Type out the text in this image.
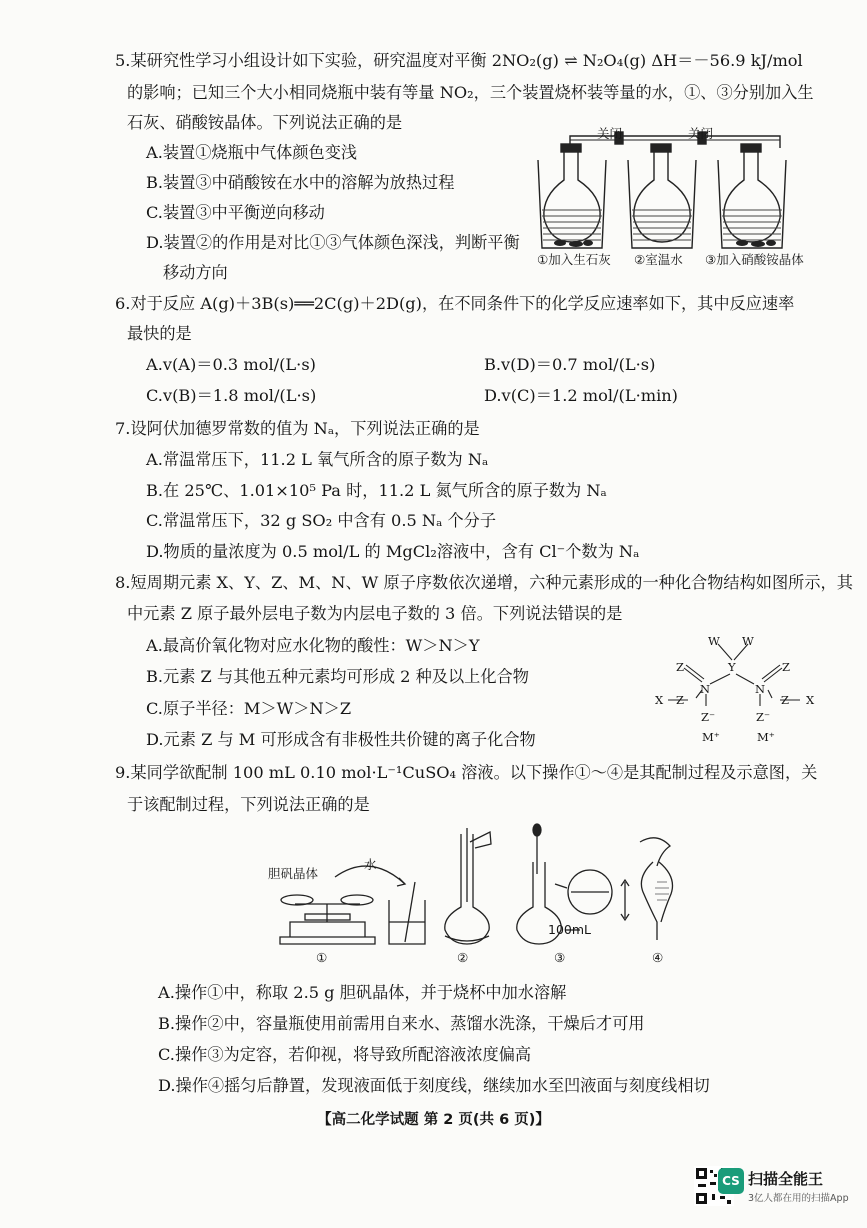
5.某研究性学习小组设计如下实验，研究温度对平衡 2NO₂(g) ⇌ N₂O₄(g) ΔH＝－56.9 kJ/mol
的影响；已知三个大小相同烧瓶中装有等量 NO₂，三个装置烧杯装等量的水，①、③分别加入生
石灰、硝酸铵晶体。下列说法正确的是
A.装置①烧瓶中气体颜色变浅
B.装置③中硝酸铵在水中的溶解为放热过程
C.装置③中平衡逆向移动
D.装置②的作用是对比①③气体颜色深浅，判断平衡
移动方向
关闭	关闭
①加入生石灰 ②室温水 ③加入硝酸铵晶体
6.对于反应 A(g)＋3B(s)══2C(g)＋2D(g)，在不同条件下的化学反应速率如下，其中反应速率
最快的是
A.v(A)＝0.3 mol/(L·s)	B.v(D)＝0.7 mol/(L·s)
C.v(B)＝1.8 mol/(L·s)	D.v(C)＝1.2 mol/(L·min)
7.设阿伏加德罗常数的值为 Nₐ，下列说法正确的是
A.常温常压下，11.2 L 氧气所含的原子数为 Nₐ
B.在 25℃、1.01×10⁵ Pa 时，11.2 L 氮气所含的原子数为 Nₐ
C.常温常压下，32 g SO₂ 中含有 0.5 Nₐ 个分子
D.物质的量浓度为 0.5 mol/L 的 MgCl₂溶液中，含有 Cl⁻个数为 Nₐ
8.短周期元素 X、Y、Z、M、N、W 原子序数依次递增，六种元素形成的一种化合物结构如图所示，其
中元素 Z 原子最外层电子数为内层电子数的 3 倍。下列说法错误的是
A.最高价氧化物对应水化物的酸性：W＞N＞Y
B.元素 Z 与其他五种元素均可形成 2 种及以上化合物
C.原子半径：M＞W＞N＞Z
D.元素 Z 与 M 可形成含有非极性共价键的离子化合物
W W
Y
Z	Z
N	N
X Z	Z X
Z⁻	Z⁻
M⁺	M⁺
9.某同学欲配制 100 mL 0.10 mol·L⁻¹CuSO₄ 溶液。以下操作①～④是其配制过程及示意图，关
于该配制过程，下列说法正确的是
胆矾晶体
水
100mL
①	②	③	④
A.操作①中，称取 2.5 g 胆矾晶体，并于烧杯中加水溶解
B.操作②中，容量瓶使用前需用自来水、蒸馏水洗涤，干燥后才可用
C.操作③为定容，若仰视，将导致所配溶液浓度偏高
D.操作④摇匀后静置，发现液面低于刻度线，继续加水至凹液面与刻度线相切
【高二化学试题 第 2 页(共 6 页)】
CS 扫描全能王
3亿人都在用的扫描App
